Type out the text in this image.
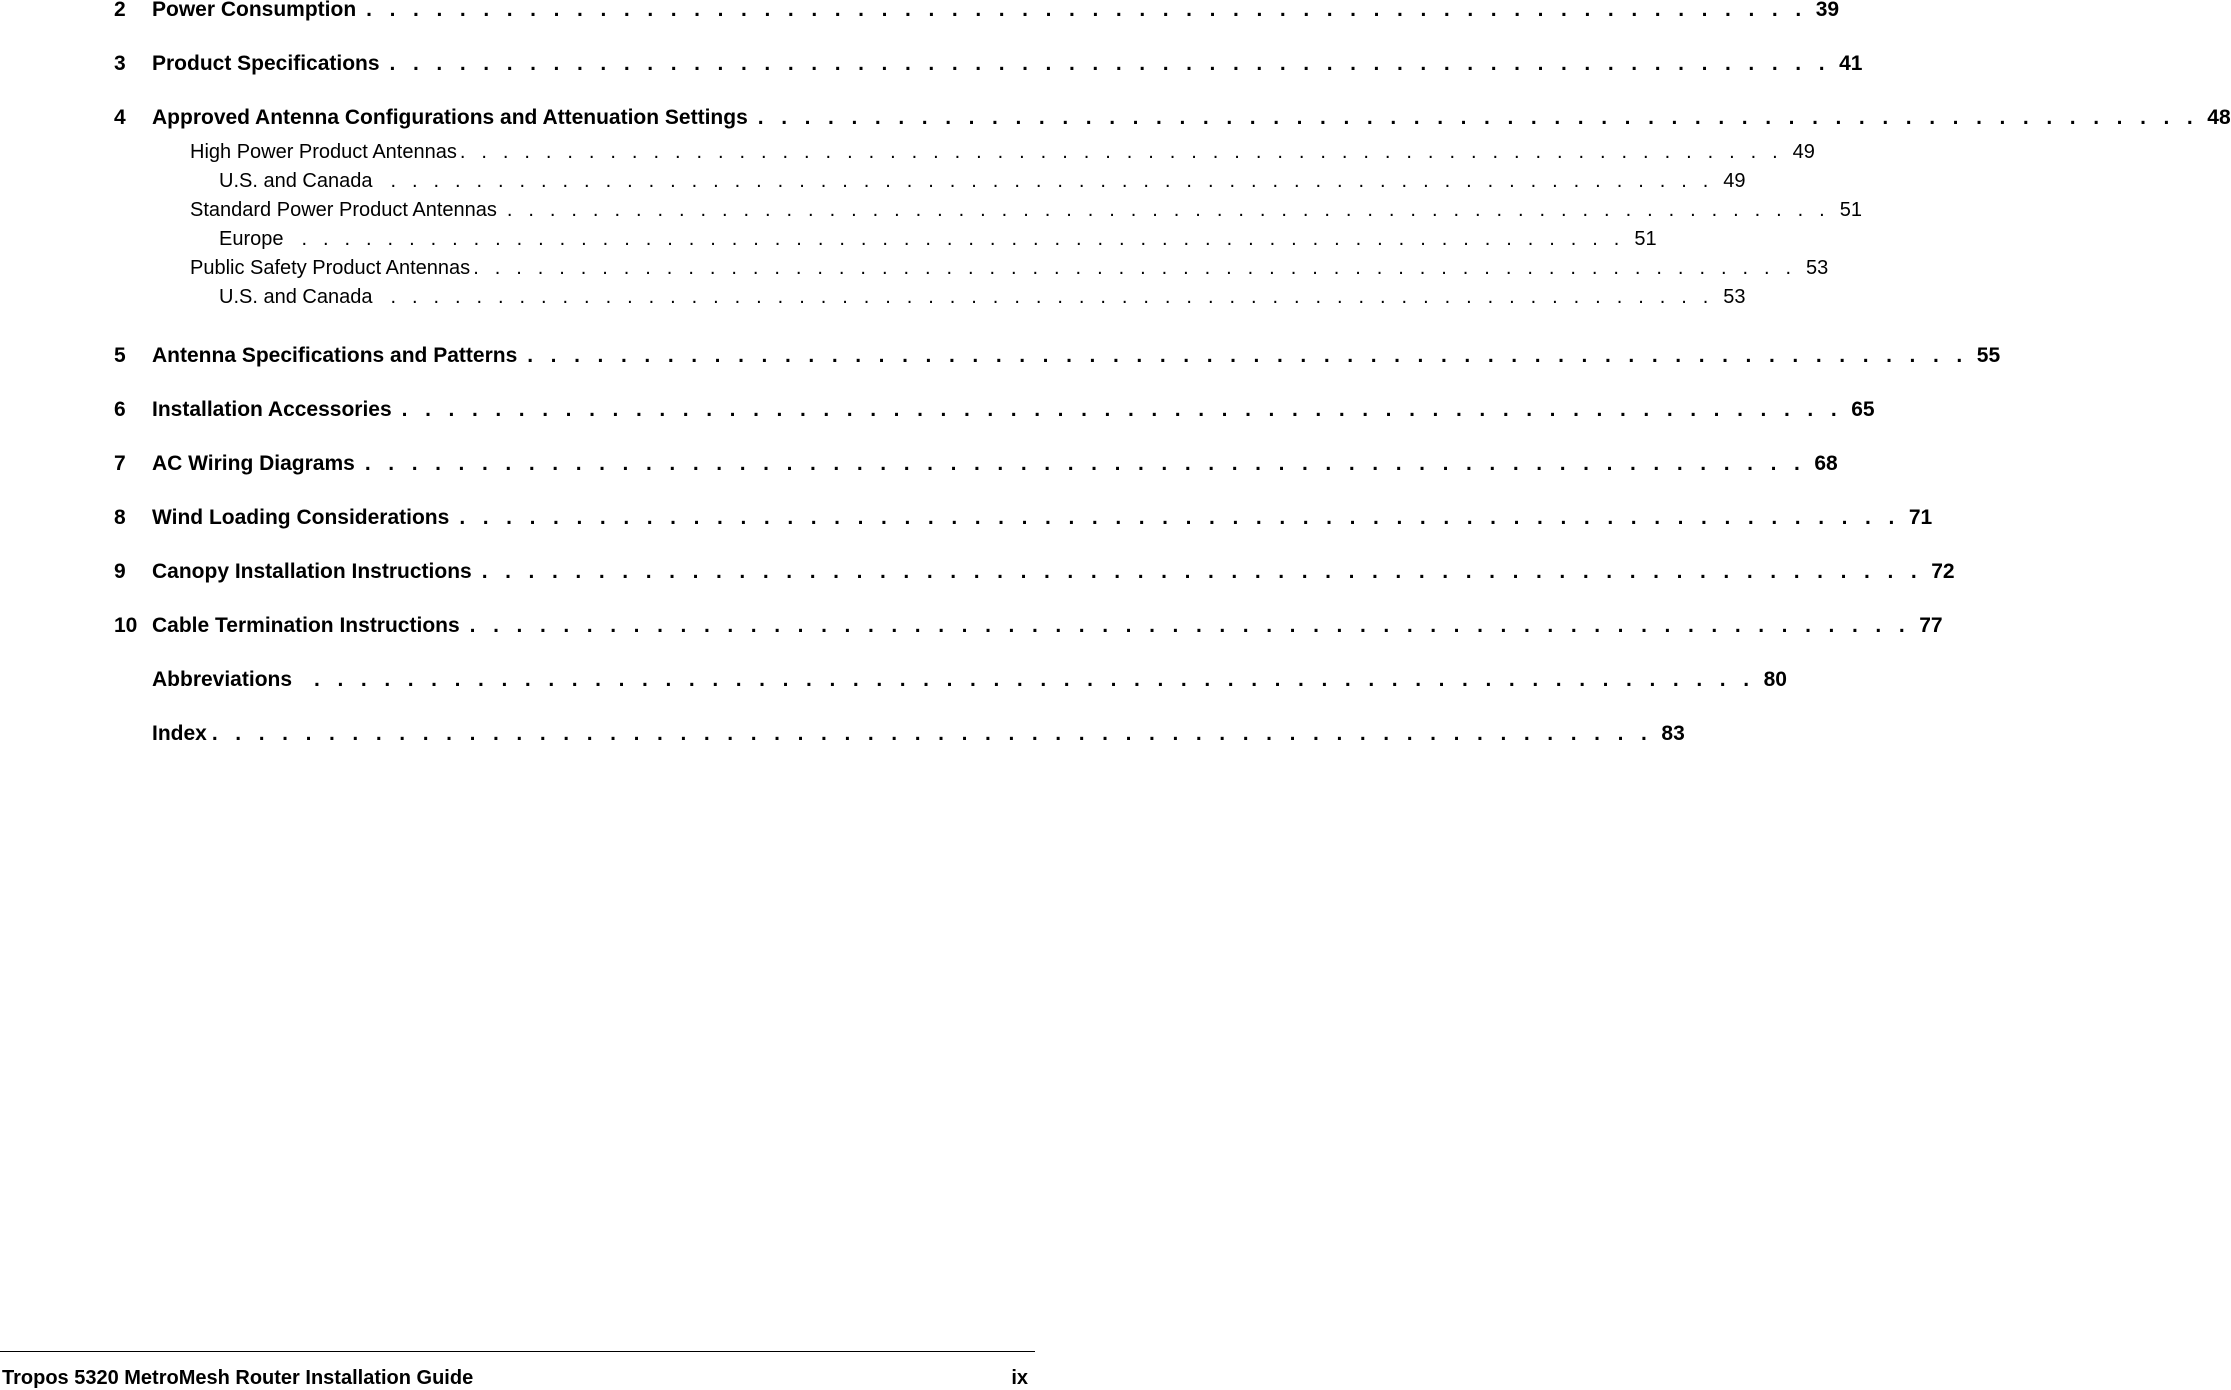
2 Power Consumption . . . . . . . . . . . . . . . . . . . . . . . . . . . . . . . . . . . . . . . . . . . . . . . . . . . . . . . . . . . . . . 39
3 Product Specifications . . . . . . . . . . . . . . . . . . . . . . . . . . . . . . . . . . . . . . . . . . . . . . . . . . . . . . . . . . . . . . 41
4 Approved Antenna Configurations and Attenuation Settings . . . . . . . . . . . . . . . . . . . . . . . . . . . . . . . . . . . . . . . . . . . . . . . . . . . . . . . . . . . . . . 48
High Power Product Antennas . . . . . . . . . . . . . . . . . . . . . . . . . . . . . . . . . . . . . . . . . . . . . . . . . . . . . . . . . . . . . . 49
U.S. and Canada . . . . . . . . . . . . . . . . . . . . . . . . . . . . . . . . . . . . . . . . . . . . . . . . . . . . . . . . . . . . . . 49
Standard Power Product Antennas . . . . . . . . . . . . . . . . . . . . . . . . . . . . . . . . . . . . . . . . . . . . . . . . . . . . . . . . . . . . . . 51
Europe . . . . . . . . . . . . . . . . . . . . . . . . . . . . . . . . . . . . . . . . . . . . . . . . . . . . . . . . . . . . . . 51
Public Safety Product Antennas . . . . . . . . . . . . . . . . . . . . . . . . . . . . . . . . . . . . . . . . . . . . . . . . . . . . . . . . . . . . . . 53
U.S. and Canada . . . . . . . . . . . . . . . . . . . . . . . . . . . . . . . . . . . . . . . . . . . . . . . . . . . . . . . . . . . . . . 53
5 Antenna Specifications and Patterns . . . . . . . . . . . . . . . . . . . . . . . . . . . . . . . . . . . . . . . . . . . . . . . . . . . . . . . . . . . . . . 55
6 Installation Accessories . . . . . . . . . . . . . . . . . . . . . . . . . . . . . . . . . . . . . . . . . . . . . . . . . . . . . . . . . . . . . . 65
7 AC Wiring Diagrams . . . . . . . . . . . . . . . . . . . . . . . . . . . . . . . . . . . . . . . . . . . . . . . . . . . . . . . . . . . . . . 68
8 Wind Loading Considerations . . . . . . . . . . . . . . . . . . . . . . . . . . . . . . . . . . . . . . . . . . . . . . . . . . . . . . . . . . . . . . 71
9 Canopy Installation Instructions . . . . . . . . . . . . . . . . . . . . . . . . . . . . . . . . . . . . . . . . . . . . . . . . . . . . . . . . . . . . . . 72
10 Cable Termination Instructions . . . . . . . . . . . . . . . . . . . . . . . . . . . . . . . . . . . . . . . . . . . . . . . . . . . . . . . . . . . . . . 77
Abbreviations . . . . . . . . . . . . . . . . . . . . . . . . . . . . . . . . . . . . . . . . . . . . . . . . . . . . . . . . . . . . . . 80
Index . . . . . . . . . . . . . . . . . . . . . . . . . . . . . . . . . . . . . . . . . . . . . . . . . . . . . . . . . . . . . . 83
Tropos 5320 MetroMesh Router Installation Guide	ix
